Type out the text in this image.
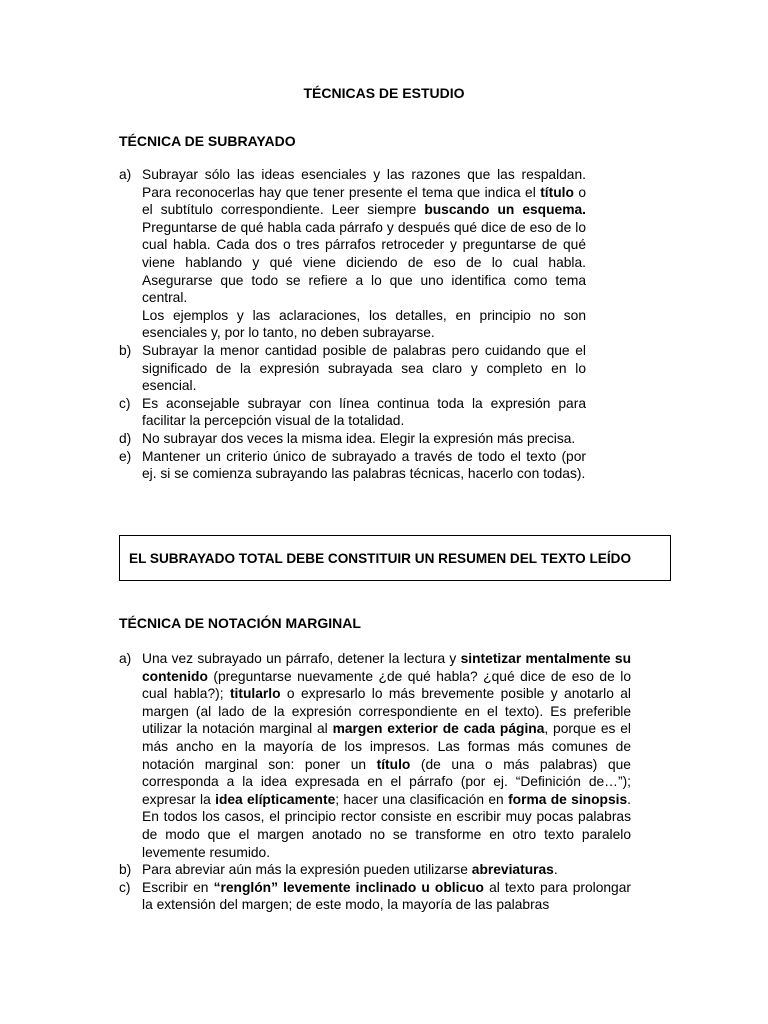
TÉCNICAS DE ESTUDIO
TÉCNICA DE SUBRAYADO
a) Subrayar sólo las ideas esenciales y las razones que las respaldan. Para reconocerlas hay que tener presente el tema que indica el título o el subtítulo correspondiente. Leer siempre buscando un esquema. Preguntarse de qué habla cada párrafo y después qué dice de eso de lo cual habla. Cada dos o tres párrafos retroceder y preguntarse de qué viene hablando y qué viene diciendo de eso de lo cual habla. Asegurarse que todo se refiere a lo que uno identifica como tema central.
Los ejemplos y las aclaraciones, los detalles, en principio no son esenciales y, por lo tanto, no deben subrayarse.
b) Subrayar la menor cantidad posible de palabras pero cuidando que el significado de la expresión subrayada sea claro y completo en lo esencial.
c) Es aconsejable subrayar con línea continua toda la expresión para facilitar la percepción visual de la totalidad.
d) No subrayar dos veces la misma idea. Elegir la expresión más precisa.
e) Mantener un criterio único de subrayado a través de todo el texto (por ej. si se comienza subrayando las palabras técnicas, hacerlo con todas).
EL SUBRAYADO TOTAL DEBE CONSTITUIR UN RESUMEN DEL TEXTO LEÍDO
TÉCNICA DE NOTACIÓN MARGINAL
a) Una vez subrayado un párrafo, detener la lectura y sintetizar mentalmente su contenido (preguntarse nuevamente ¿de qué habla? ¿qué dice de eso de lo cual habla?); titularlo o expresarlo lo más brevemente posible y anotarlo al margen (al lado de la expresión correspondiente en el texto). Es preferible utilizar la notación marginal al margen exterior de cada página, porque es el más ancho en la mayoría de los impresos. Las formas más comunes de notación marginal son: poner un título (de una o más palabras) que corresponda a la idea expresada en el párrafo (por ej. “Definición de…”); expresar la idea elípticamente; hacer una clasificación en forma de sinopsis. En todos los casos, el principio rector consiste en escribir muy pocas palabras de modo que el margen anotado no se transforme en otro texto paralelo levemente resumido.
b) Para abreviar aún más la expresión pueden utilizarse abreviaturas.
c) Escribir en “renglón” levemente inclinado u oblicuo al texto para prolongar la extensión del margen; de este modo, la mayoría de las palabras
